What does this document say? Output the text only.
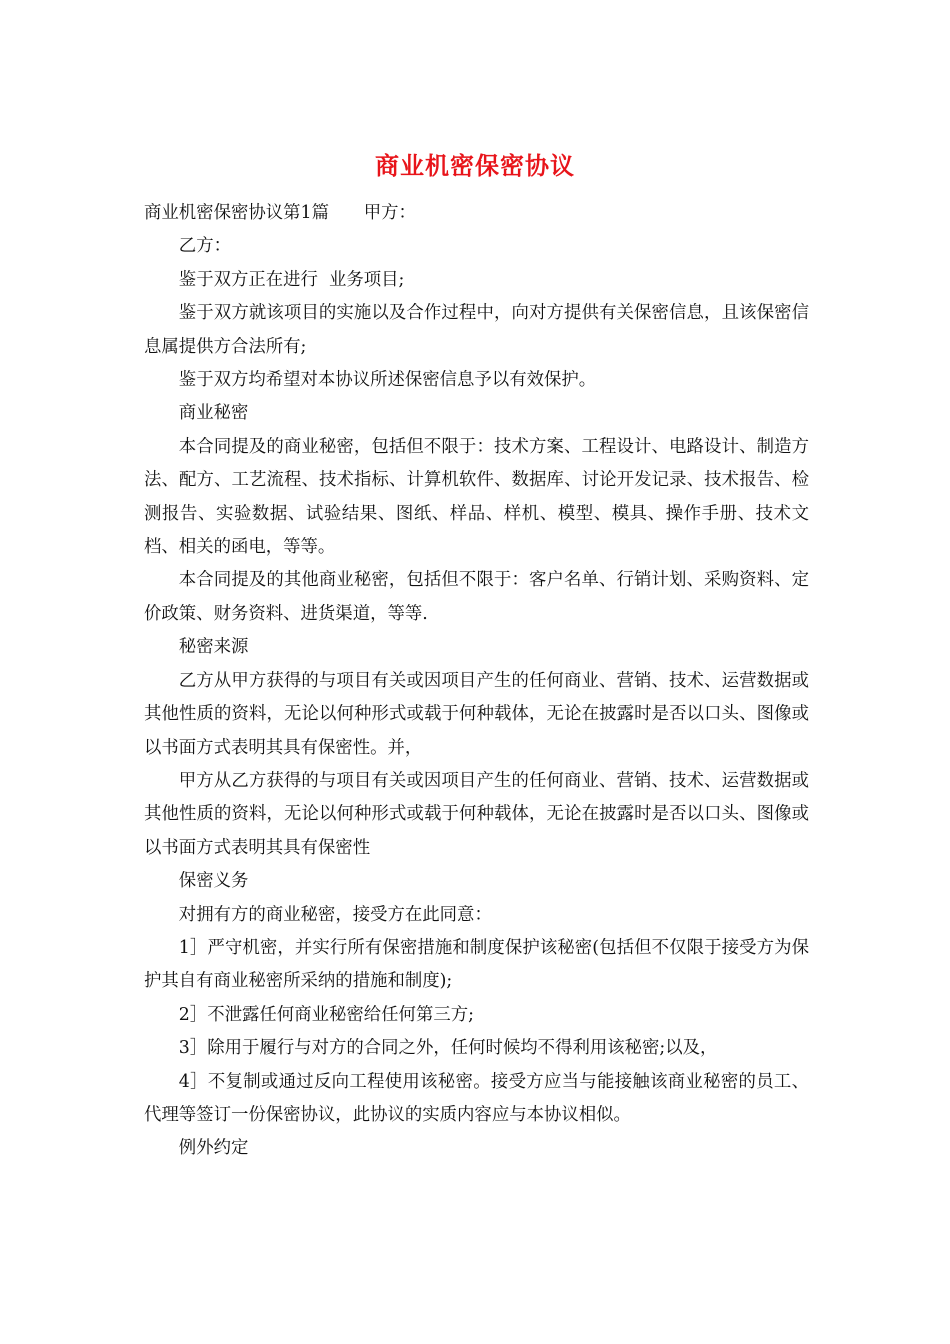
商业机密保密协议

商业机密保密协议第1篇　　甲方：

乙方：

鉴于双方正在进行  业务项目;

鉴于双方就该项目的实施以及合作过程中，向对方提供有关保密信息，且该保密信息属提供方合法所有;

鉴于双方均希望对本协议所述保密信息予以有效保护。

商业秘密

本合同提及的商业秘密，包括但不限于：技术方案、工程设计、电路设计、制造方法、配方、工艺流程、技术指标、计算机软件、数据库、讨论开发记录、技术报告、检测报告、实验数据、试验结果、图纸、样品、样机、模型、模具、操作手册、技术文档、相关的函电，等等。

本合同提及的其他商业秘密，包括但不限于：客户名单、行销计划、采购资料、定价政策、财务资料、进货渠道，等等.

秘密来源

乙方从甲方获得的与项目有关或因项目产生的任何商业、营销、技术、运营数据或其他性质的资料，无论以何种形式或载于何种载体，无论在披露时是否以口头、图像或以书面方式表明其具有保密性。并，

甲方从乙方获得的与项目有关或因项目产生的任何商业、营销、技术、运营数据或其他性质的资料，无论以何种形式或载于何种载体，无论在披露时是否以口头、图像或以书面方式表明其具有保密性

保密义务

对拥有方的商业秘密，接受方在此同意：

1］严守机密，并实行所有保密措施和制度保护该秘密(包括但不仅限于接受方为保护其自有商业秘密所采纳的措施和制度);

2］不泄露任何商业秘密给任何第三方;

3］除用于履行与对方的合同之外，任何时候均不得利用该秘密;以及，

4］不复制或通过反向工程使用该秘密。接受方应当与能接触该商业秘密的员工、代理等签订一份保密协议，此协议的实质内容应与本协议相似。

例外约定
